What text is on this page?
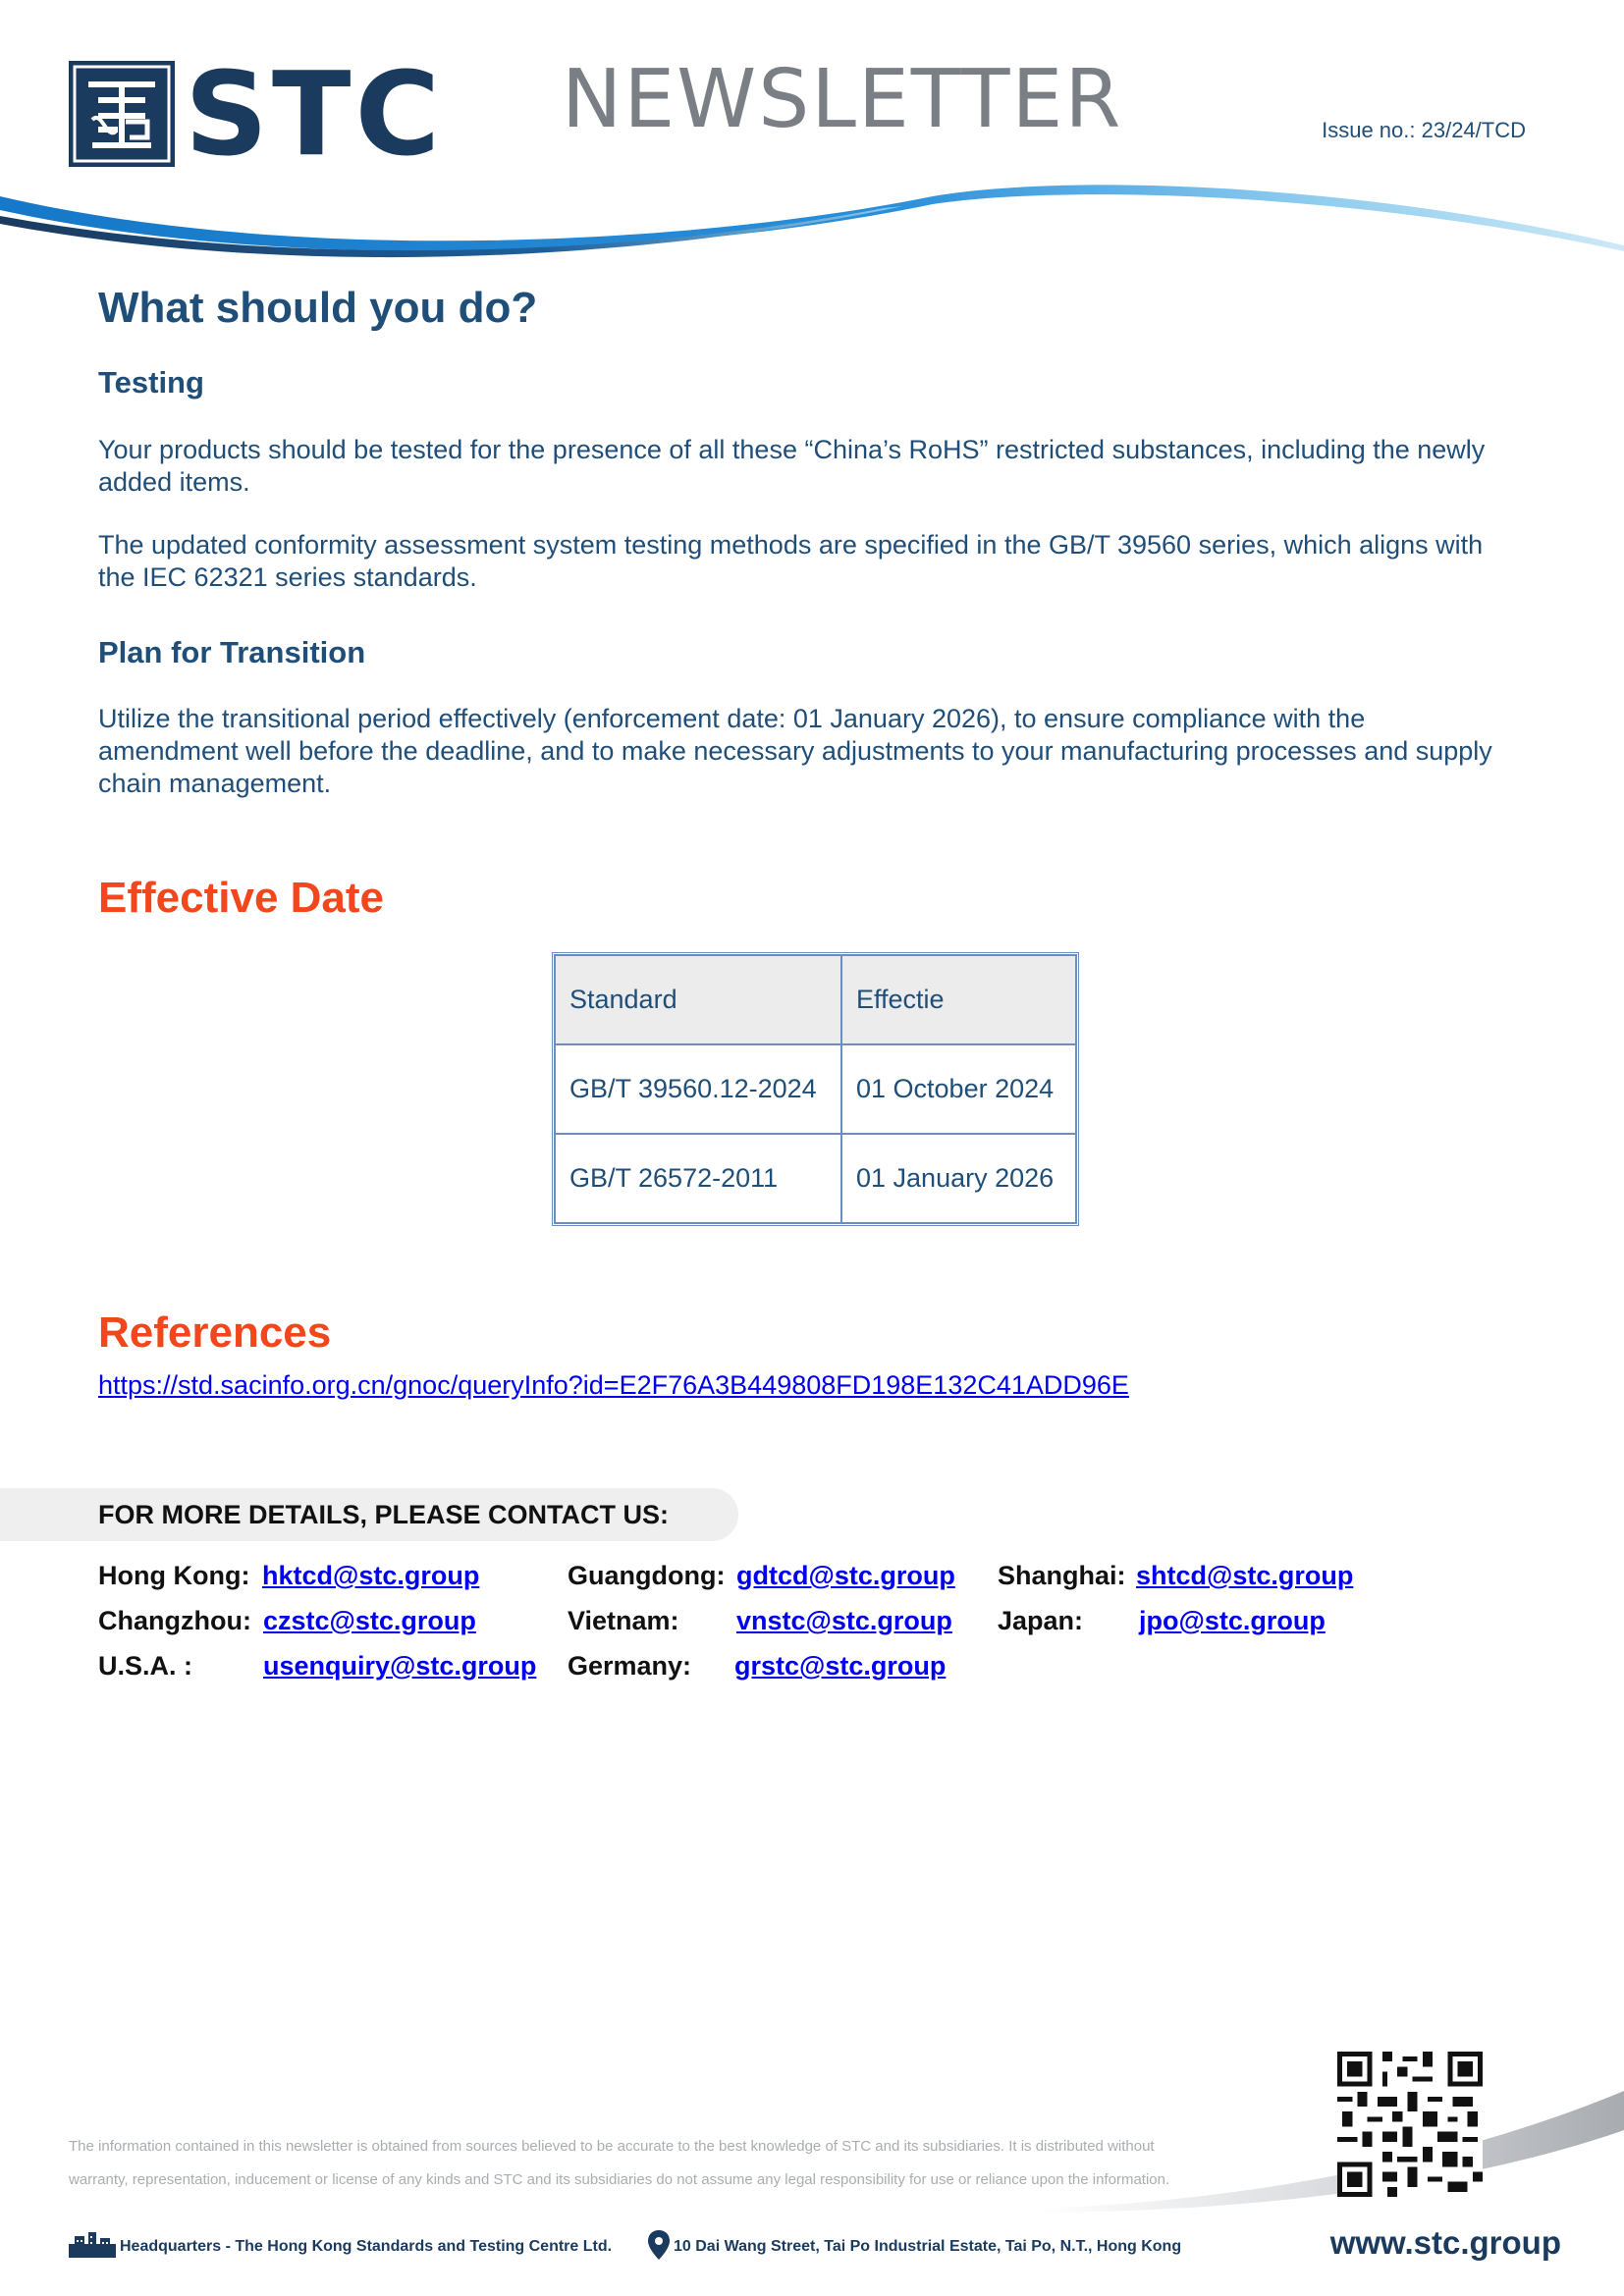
STC NEWSLETTER	Issue no.: 23/24/TCD
What should you do?
Testing

Your products should be tested for the presence of all these “China’s RoHS” restricted substances, including the newly

added items.

The updated conformity assessment system testing methods are specified in the GB/T 39560 series, which aligns with

the IEC 62321 series standards.

Plan for Transition

Utilize the transitional period effectively (enforcement date: 01 January 2026), to ensure compliance with the

amendment well before the deadline, and to make necessary adjustments to your manufacturing processes and supply

chain management.

Effective Date
References
https://std.sacinfo.org.cn/gnoc/queryInfo?id=E2F76A3B449808FD198E132C41ADD96E
Standard	Effectie
GB/T 39560.12-2024	01 October 2024
GB/T 26572-2011	01 January 2026
FOR MORE DETAILS, PLEASE CONTACT US:
Hong Kong: hktcd@stc.group	Guangdong: gdtcd@stc.group Shanghai: shtcd@stc.group
Changzhou: czstc@stc.group	Vietnam: vnstc@stc.group Japan: jpo@stc.group
U.S.A. :	usenquiry@stc.group Germany: grstc@stc.group
The information contained in this newsletter is obtained from sources believed to be accurate to the best knowledge of STC and its subsidiaries. It is distributed without
warranty, representation, inducement or license of any kinds and STC and its subsidiaries do not assume any legal responsibility for use or reliance upon the information.
Headquarters - The Hong Kong Standards and Testing Centre Ltd.	10 Dai Wang Street, Tai Po Industrial Estate, Tai Po, N.T., Hong Kong	www.stc.group
